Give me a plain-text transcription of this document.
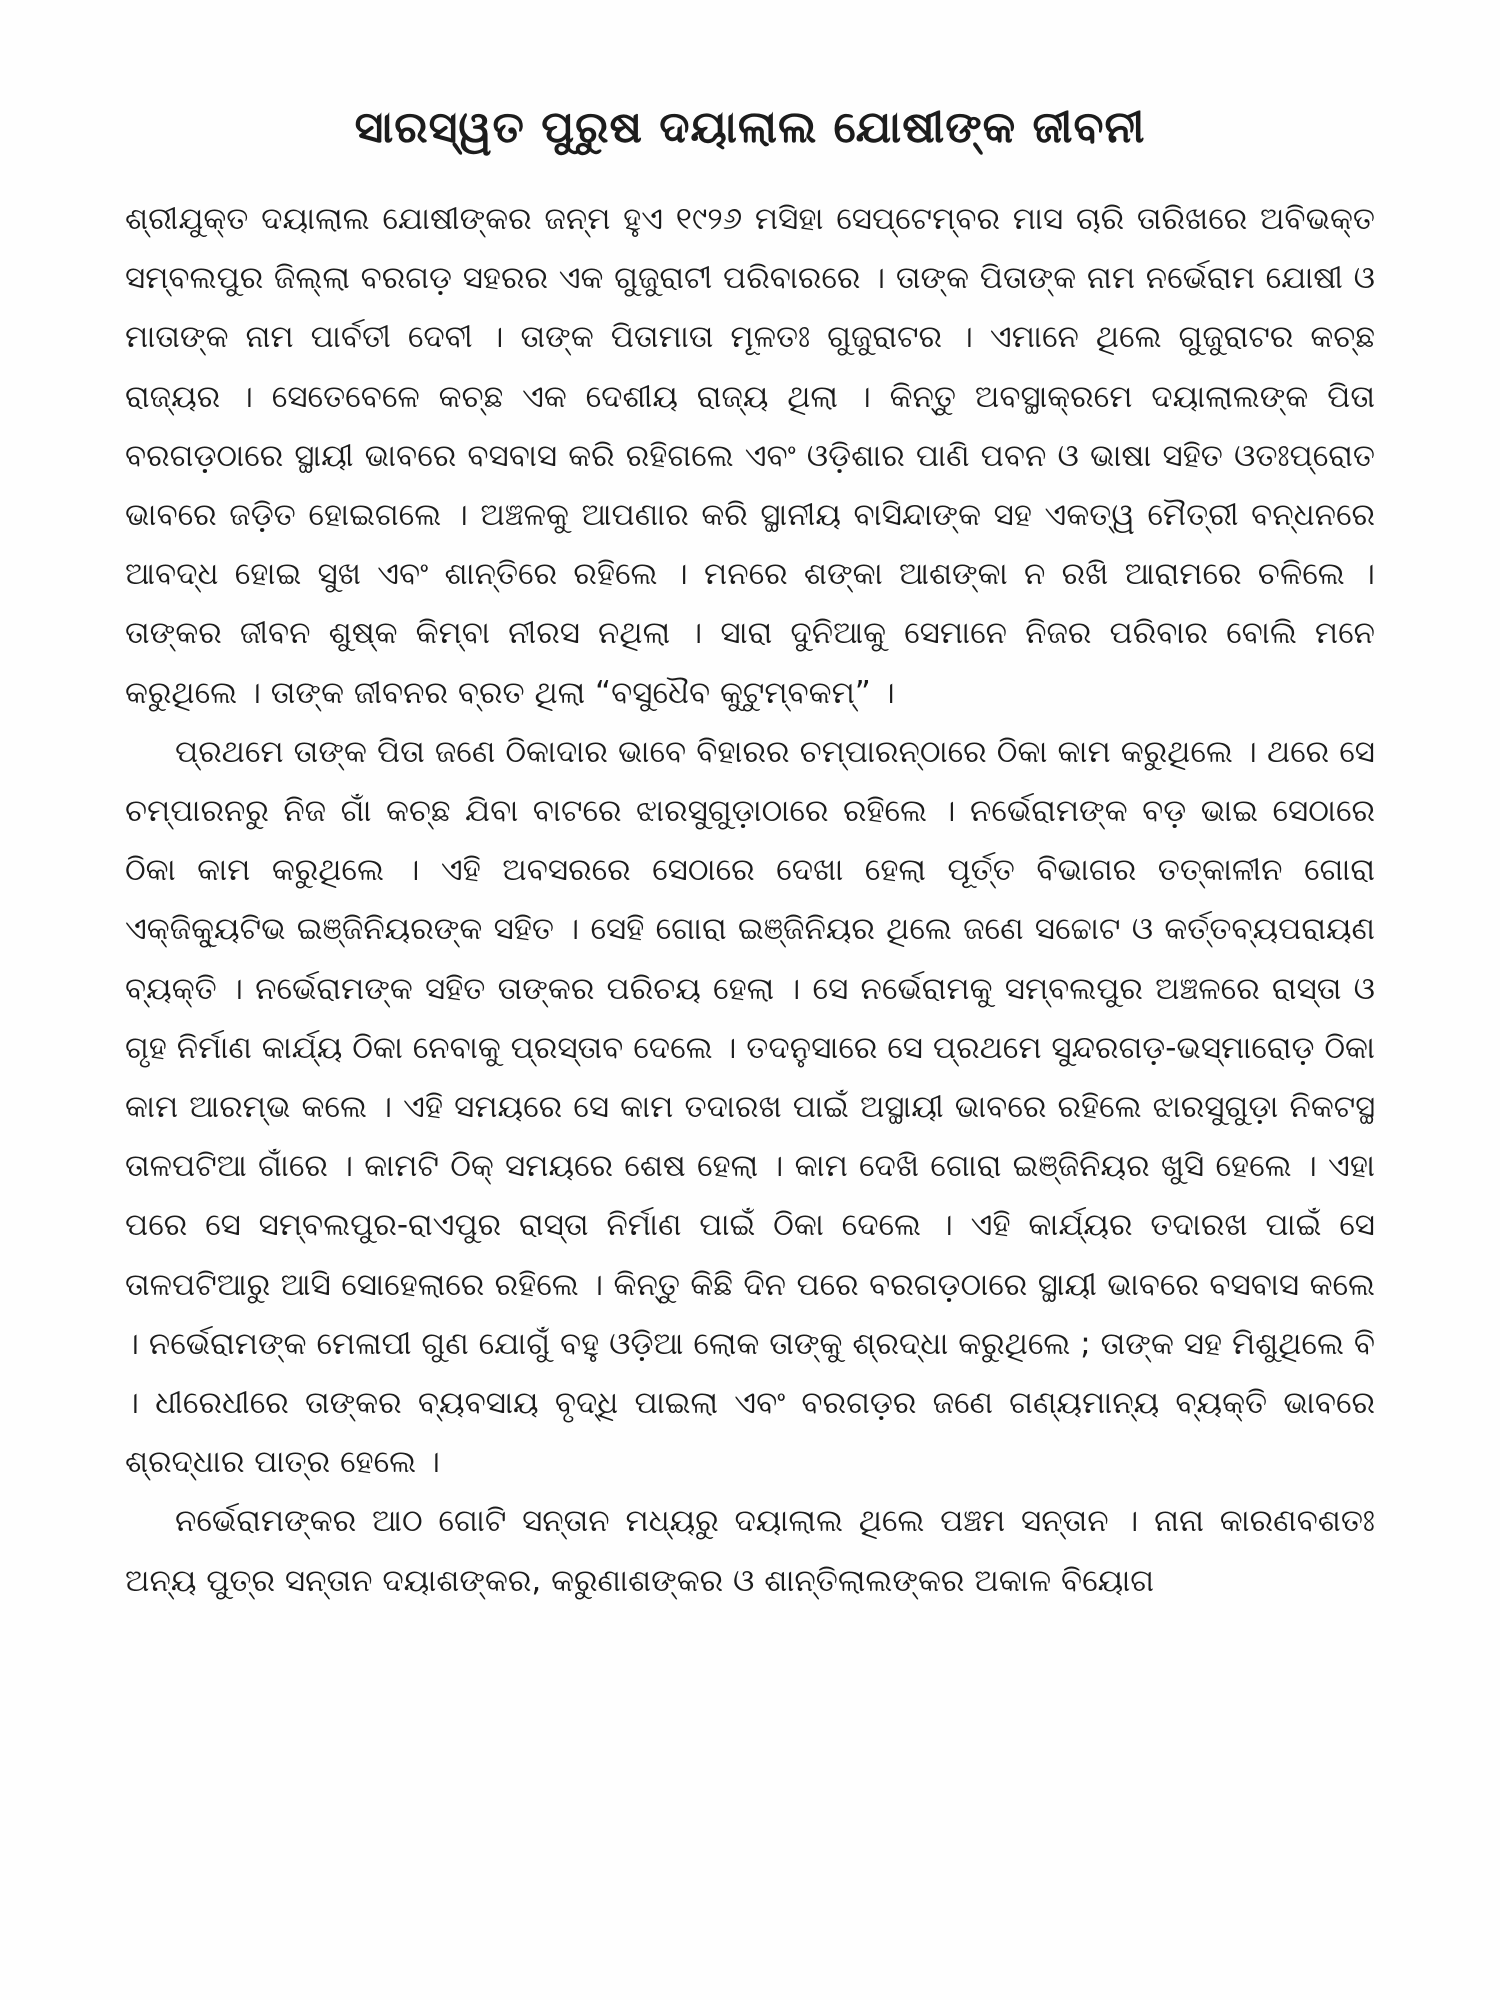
ସାରସ୍ୱତ ପୁରୁଷ ଦୟାଲାଲ ଯୋଷୀଙ୍କ ଜୀବନୀ

ଶ୍ରୀଯୁକ୍ତ ଦୟାଲାଲ ଯୋଷୀଙ୍କର ଜନ୍ମ ହୁଏ ୧୯୨୬ ମସିହା ସେପ୍‌ଟେମ୍ବର ମାସ ଚାରି ତାରିଖରେ ଅବିଭକ୍ତ ସମ୍ବଲପୁର ଜିଲ୍ଲା ବରଗଡ଼ ସହରର ଏକ ଗୁଜୁରାଟୀ ପରିବାରରେ । ତାଙ୍କ ପିତାଙ୍କ ନାମ ନର୍ଭେରାମ ଯୋଷୀ ଓ ମାତାଙ୍କ ନାମ ପାର୍ବତୀ ଦେବୀ । ତାଙ୍କ ପିତାମାତା ମୂଳତଃ ଗୁଜୁରାଟର । ଏମାନେ ଥିଲେ ଗୁଜୁରାଟର କଚ୍ଛ ରାଜ୍ୟର । ସେତେବେଳେ କଚ୍ଛ ଏକ ଦେଶୀୟ ରାଜ୍ୟ ଥିଲା । କିନ୍ତୁ ଅବସ୍ଥାକ୍ରମେ ଦୟାଲାଲଙ୍କ ପିତା ବରଗଡ଼ଠାରେ ସ୍ଥାୟୀ ଭାବରେ ବସବାସ କରି ରହିଗଲେ ଏବଂ ଓଡ଼ିଶାର ପାଣି ପବନ ଓ ଭାଷା ସହିତ ଓତଃପ୍ରୋତ ଭାବରେ ଜଡ଼ିତ ହୋଇଗଲେ । ଅଞ୍ଚଳକୁ ଆପଣାର କରି ସ୍ଥାନୀୟ ବାସିନ୍ଦାଙ୍କ ସହ ଏକତ୍ୱ ମୈତ୍ରୀ ବନ୍ଧନରେ ଆବଦ୍ଧ ହୋଇ ସୁଖ ଏବଂ ଶାନ୍ତିରେ ରହିଲେ । ମନରେ ଶଙ୍କା ଆଶଙ୍କା ନ ରଖି ଆରାମରେ ଚଳିଲେ । ତାଙ୍କର ଜୀବନ ଶୁଷ୍କ କିମ୍ବା ନୀରସ ନଥିଲା । ସାରା ଦୁନିଆକୁ ସେମାନେ ନିଜର ପରିବାର ବୋଲି ମନେ କରୁଥିଲେ । ତାଙ୍କ ଜୀବନର ବ୍ରତ ଥିଲା “ବସୁଧୈବ କୁଟୁମ୍ବକମ୍” ।

ପ୍ରଥମେ ତାଙ୍କ ପିତା ଜଣେ ଠିକାଦାର ଭାବେ ବିହାରର ଚମ୍ପାରନ୍‌ଠାରେ ଠିକା କାମ କରୁଥିଲେ । ଥରେ ସେ ଚମ୍ପାରନରୁ ନିଜ ଗାଁ କଚ୍ଛ ଯିବା ବାଟରେ ଝାରସୁଗୁଡ଼ାଠାରେ ରହିଲେ । ନର୍ଭେରାମଙ୍କ ବଡ଼ ଭାଇ ସେଠାରେ ଠିକା କାମ କରୁଥିଲେ । ଏହି ଅବସରରେ ସେଠାରେ ଦେଖା ହେଲା ପୂର୍ତ୍ତ ବିଭାଗର ତତ୍‌କାଳୀନ ଗୋରା ଏକ୍‌ଜିକ୍ୟୁଟିଭ ଇଞ୍ଜିନିୟରଙ୍କ ସହିତ । ସେହି ଗୋରା ଇଞ୍ଜିନିୟର ଥିଲେ ଜଣେ ସଚ୍ଚୋଟ ଓ କର୍ତ୍ତବ୍ୟପରାୟଣ ବ୍ୟକ୍ତି । ନର୍ଭେରାମଙ୍କ ସହିତ ତାଙ୍କର ପରିଚୟ ହେଲା । ସେ ନର୍ଭେରାମକୁ ସମ୍ବଲପୁର ଅଞ୍ଚଳରେ ରାସ୍ତା ଓ ଗୃହ ନିର୍ମାଣ କାର୍ଯ୍ୟ ଠିକା ନେବାକୁ ପ୍ରସ୍ତାବ ଦେଲେ । ତଦନୁସାରେ ସେ ପ୍ରଥମେ ସୁନ୍ଦରଗଡ଼-ଭସ୍ମାରୋଡ଼ ଠିକା କାମ ଆରମ୍ଭ କଲେ । ଏହି ସମୟରେ ସେ କାମ ତଦାରଖ ପାଇଁ ଅସ୍ଥାୟୀ ଭାବରେ ରହିଲେ ଝାରସୁଗୁଡ଼ା ନିକଟସ୍ଥ ତାଳପଟିଆ ଗାଁରେ । କାମଟି ଠିକ୍ ସମୟରେ ଶେଷ ହେଲା । କାମ ଦେଖି ଗୋରା ଇଞ୍ଜିନିୟର ଖୁସି ହେଲେ । ଏହା ପରେ ସେ ସମ୍ବଲପୁର-ରାଏପୁର ରାସ୍ତା ନିର୍ମାଣ ପାଇଁ ଠିକା ଦେଲେ । ଏହି କାର୍ଯ୍ୟର ତଦାରଖ ପାଇଁ ସେ ତାଳପଟିଆରୁ ଆସି ସୋହେଲାରେ ରହିଲେ । କିନ୍ତୁ କିଛି ଦିନ ପରେ ବରଗଡ଼ଠାରେ ସ୍ଥାୟୀ ଭାବରେ ବସବାସ କଲେ । ନର୍ଭେରାମଙ୍କ ମେଳାପୀ ଗୁଣ ଯୋଗୁଁ ବହୁ ଓଡ଼ିଆ ଲୋକ ତାଙ୍କୁ ଶ୍ରଦ୍ଧା କରୁଥିଲେ ; ତାଙ୍କ ସହ ମିଶୁଥିଲେ ବି । ଧୀରେଧୀରେ ତାଙ୍କର ବ୍ୟବସାୟ ବୃଦ୍ଧି ପାଇଲା ଏବଂ ବରଗଡ଼ର ଜଣେ ଗଣ୍ୟମାନ୍ୟ ବ୍ୟକ୍ତି ଭାବରେ ଶ୍ରଦ୍ଧାର ପାତ୍ର ହେଲେ ।

ନର୍ଭେରାମଙ୍କର ଆଠ ଗୋଟି ସନ୍ତାନ ମଧ୍ୟରୁ ଦୟାଲାଲ ଥିଲେ ପଞ୍ଚମ ସନ୍ତାନ । ନାନା କାରଣବଶତଃ ଅନ୍ୟ ପୁତ୍ର ସନ୍ତାନ ଦୟାଶଙ୍କର, କରୁଣାଶଙ୍କର ଓ ଶାନ୍ତିଲାଲଙ୍କର ଅକାଳ ବିୟୋଗ
